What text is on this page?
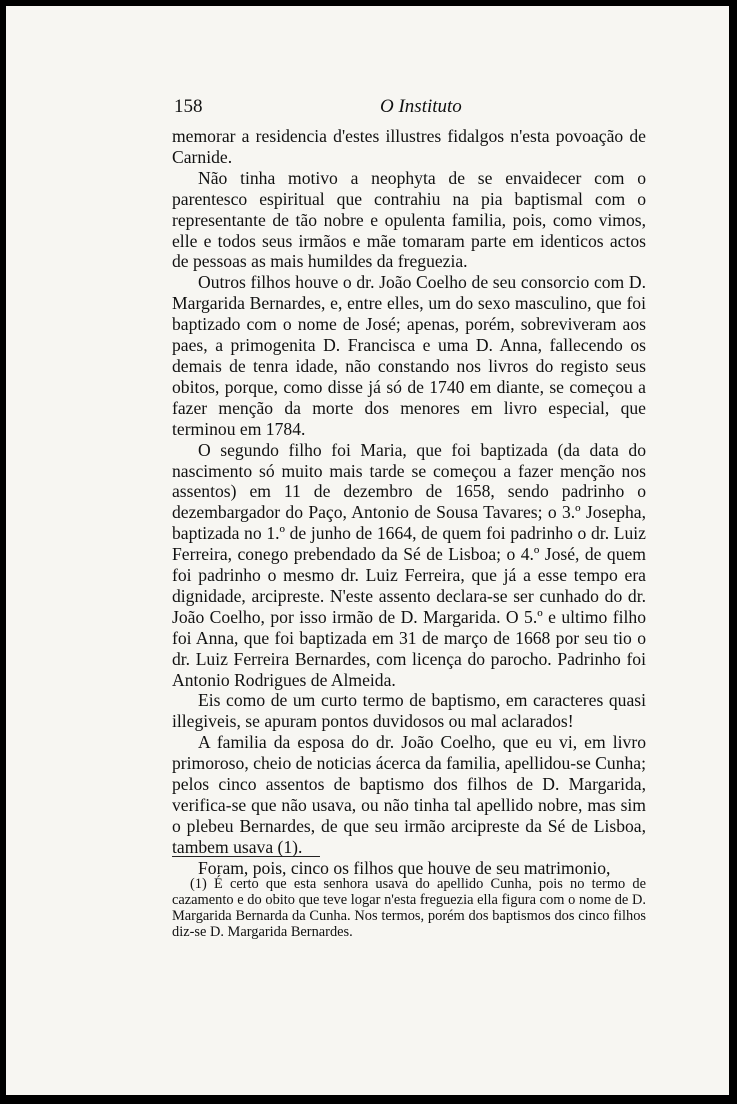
158	O Instituto

memorar a residencia d'estes illustres fidalgos n'esta povoação de Carnide.

Não tinha motivo a neophyta de se envaidecer com o parentesco espiritual que contrahiu na pia baptismal com o representante de tão nobre e opulenta familia, pois, como vimos, elle e todos seus irmãos e mãe tomaram parte em identicos actos de pessoas as mais humildes da freguezia.

Outros filhos houve o dr. João Coelho de seu consorcio com D. Margarida Bernardes, e, entre elles, um do sexo masculino, que foi baptizado com o nome de José; apenas, porém, sobreviveram aos paes, a primogenita D. Francisca e uma D. Anna, fallecendo os demais de tenra idade, não constando nos livros do registo seus obitos, porque, como disse já só de 1740 em diante, se começou a fazer menção da morte dos menores em livro especial, que terminou em 1784.

O segundo filho foi Maria, que foi baptizada (da data do nascimento só muito mais tarde se começou a fazer menção nos assentos) em 11 de dezembro de 1658, sendo padrinho o dezembargador do Paço, Antonio de Sousa Tavares; o 3.º Josepha, baptizada no 1.º de junho de 1664, de quem foi padrinho o dr. Luiz Ferreira, conego prebendado da Sé de Lisboa; o 4.º José, de quem foi padrinho o mesmo dr. Luiz Ferreira, que já a esse tempo era dignidade, arcipreste. N'este assento declara-se ser cunhado do dr. João Coelho, por isso irmão de D. Margarida. O 5.º e ultimo filho foi Anna, que foi baptizada em 31 de março de 1668 por seu tio o dr. Luiz Ferreira Bernardes, com licença do parocho. Padrinho foi Antonio Rodrigues de Almeida.

Eis como de um curto termo de baptismo, em caracteres quasi illegiveis, se apuram pontos duvidosos ou mal aclarados!

A familia da esposa do dr. João Coelho, que eu vi, em livro primoroso, cheio de noticias ácerca da familia, apellidou-se Cunha; pelos cinco assentos de baptismo dos filhos de D. Margarida, verifica-se que não usava, ou não tinha tal apellido nobre, mas sim o plebeu Bernardes, de que seu irmão arcipreste da Sé de Lisboa, tambem usava (1).

Foram, pois, cinco os filhos que houve de seu matrimonio,

(1) É certo que esta senhora usava do apellido Cunha, pois no termo de cazamento e do obito que teve logar n'esta freguezia ella figura com o nome de D. Margarida Bernarda da Cunha. Nos termos, porém dos baptismos dos cinco filhos diz-se D. Margarida Bernardes.
